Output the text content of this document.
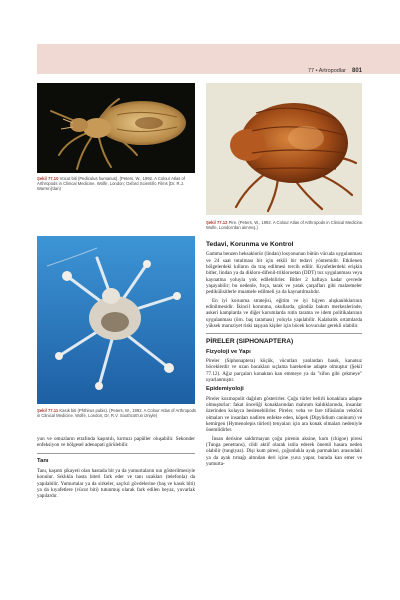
77 • Artropodlar 801
Şekil 77.10 Vücut biti (Pediculus humanus). (Peters, W., 1992. A Colour Atlas of Arthropods in Clinical Medicine. Wolfe, London; Oxford Scientific Films [Dr. R.J. Warren]'dan)
Şekil 77.12 Pire. (Peters, W., 1992. A Colour Atlas of Arthropods in Clinical Medicine. Wolfe, London'dan alınmış.)
Şekil 77.11 Kasık biti (Phthirus pubis). (Peters, W., 1992. A Colour Atlas of Arthropods in Clinical Medicine. Wolfe, London; Dr. R.V. Southcott'un izniyle)

yun ve omuzların etrafında kaşıntılı, kırmızı papüller oluşabilir. Sekonder enfeksiyon ve bölgesel adenopati görülebilir.

Tanı

Tanı, kaşıntı şikayeti olan hastada bit ya da yumurtaların nın gösterilmesiyle konulur. Sıklıkla hasta biteri fark eder ve tanı uzakları (telefonla) da yapılabilir. Yumurtalar ya da sirkeler, saç/kıl gövdelerine (baş ve kasık biti) ya da kıyafetlere (vücut biti) tutunmuş olarak fark edilen beyaz, yuvarlak yapılardır.

Tedavi, Korunma ve Kontrol

Gamma benzen heksaklorür (lindan) losyonunun bütün vücuda uygulanması ve 24 saat tutulması bit için etkili bir tedavi yöntemidir. Etkilenen bölgelerdeki kılların da traş edilmesi tercih edilir. Kıyafetlerdeki erişkin bitler, lindan ya da dikloro-difenil-trikloroetan (DDT) toz uygulanması veya kaynatma yoluyla yok edilebilirler. Bitler 2 haftaya kadar çevrede yaşayabilir; bu nedenle, fırça, tarak ve yatak çarşafları gibi malzemeler pedikülisitlerle muamele edilmeli ya da kaynatılmalıdır.

En iyi korunma stratejisi, eğitim ve iyi hijyen alışkanlıklarının edinilmesidir. İkincil korunma, okullarda, gündüz bakım merkezlerinde, askeri kamplarda ve diğer kurumlarda rutin tarama ve idem politikalarının uygulanması (örn. baş taraması) yoluyla yapılabilir. Kalabalık ortamlarda yüksek maruziyet riski taşıyan kişiler için böcek kovucular gerekli olabilir.

PİRELER (SIPHONAPTERA)
Fizyoloji ve Yapı

Pireler (Siphonaptera) küçük, vücutları yanlardan basık, kanatsız böceklerdir ve uzun bacakları sıçlama hareketine adapte olmuştur (Şekil 77.12). Ağız parçaları konaktan kan emmeye ya da "sifon gibi çekmeye" uyarlanmıştır.

Epidemiyoloji

Pireler kozmopolit dağılım gösterirler. Çoğu türler belirli konaklara adapte olmuşturlar: fakat önceliği konaklarından mahrum kaldıklarında, insanlar üzerinden kolayca beslenebilirler. Pireler, veba ve fare tifüsünün vektörü olmaları ve insanları nadiren enfekte eden, köpek (Dipylidium caninum) ve kemirgen (Hymenolepis türleri) tenyaları için ara konak olmaları nedeniyle önemlidirler.

İnsan derisine saldırmayan çoğu pirenin aksine, kum (chigoe) piresi (Tunga penetrans), cildi aktif olarak istila ederek önemli hasara neden olabilir (tungiyaz). Dişi kum piresi, çoğunlukla ayak parmakları arasındaki ya da ayak tırnağı altından deri içine yuva yapar, burada kan emer ve yumurta-
